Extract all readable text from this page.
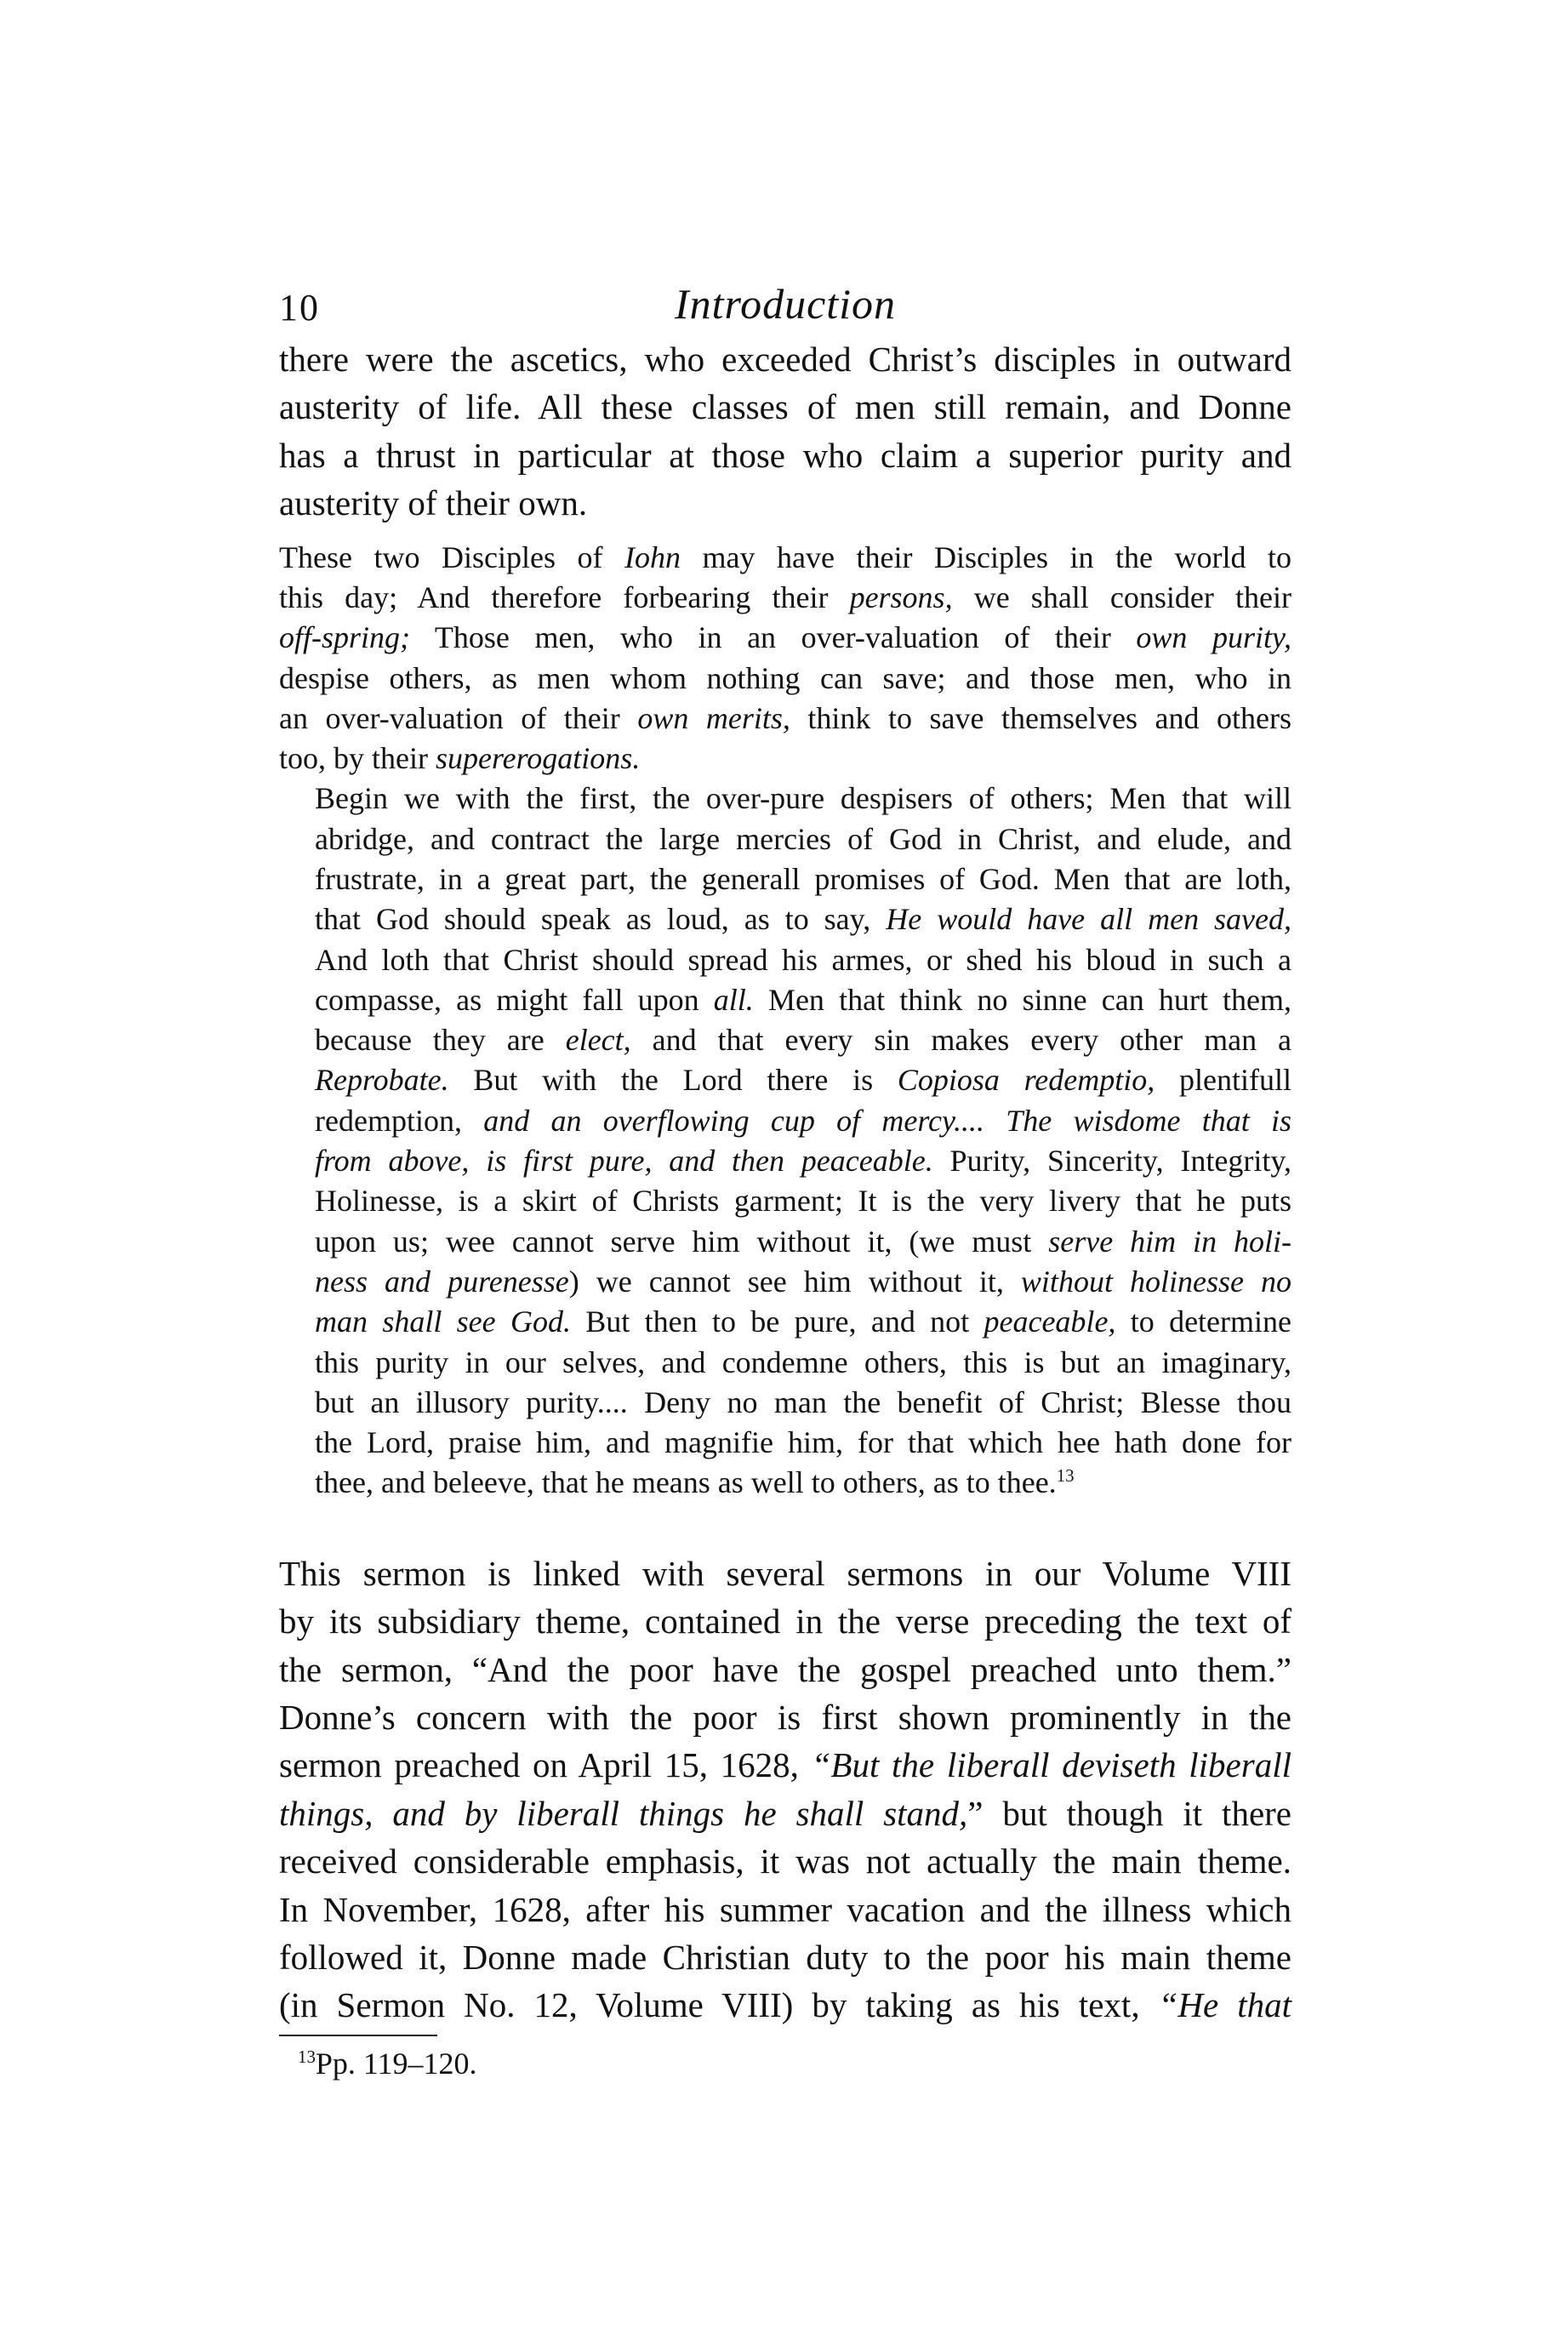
10	Introduction

there were the ascetics, who exceeded Christ’s disciples in outward
austerity of life. All these classes of men still remain, and Donne
has a thrust in particular at those who claim a superior purity and
austerity of their own.

These two Disciples of Iohn may have their Disciples in the world to
this day; And therefore forbearing their persons, we shall consider their
off-spring; Those men, who in an over-valuation of their own purity,
despise others, as men whom nothing can save; and those men, who in
an over-valuation of their own merits, think to save themselves and others
too, by their supererogations.

Begin we with the first, the over-pure despisers of others; Men that will
abridge, and contract the large mercies of God in Christ, and elude, and
frustrate, in a great part, the generall promises of God. Men that are loth,
that God should speak as loud, as to say, He would have all men saved,
And loth that Christ should spread his armes, or shed his bloud in such a
compasse, as might fall upon all. Men that think no sinne can hurt them,
because they are elect, and that every sin makes every other man a
Reprobate. But with the Lord there is Copiosa redemptio, plentifull
redemption, and an overflowing cup of mercy.... The wisdome that is
from above, is first pure, and then peaceable. Purity, Sincerity, Integrity,
Holinesse, is a skirt of Christs garment; It is the very livery that he puts
upon us; wee cannot serve him without it, (we must serve him in holi-
ness and purenesse) we cannot see him without it, without holinesse no
man shall see God. But then to be pure, and not peaceable, to determine
this purity in our selves, and condemne others, this is but an imaginary,
but an illusory purity.... Deny no man the benefit of Christ; Blesse thou
the Lord, praise him, and magnifie him, for that which hee hath done for
thee, and beleeve, that he means as well to others, as to thee.$^{13}$

This sermon is linked with several sermons in our Volume VIII
by its subsidiary theme, contained in the verse preceding the text of
the sermon, “And the poor have the gospel preached unto them.”
Donne’s concern with the poor is first shown prominently in the
sermon preached on April 15, 1628, “But the liberall deviseth liberall
things, and by liberall things he shall stand,” but though it there
received considerable emphasis, it was not actually the main theme.
In November, 1628, after his summer vacation and the illness which
followed it, Donne made Christian duty to the poor his main theme
(in Sermon No. 12, Volume VIII) by taking as his text, “He that

$^{13}$Pp. 119–120.
